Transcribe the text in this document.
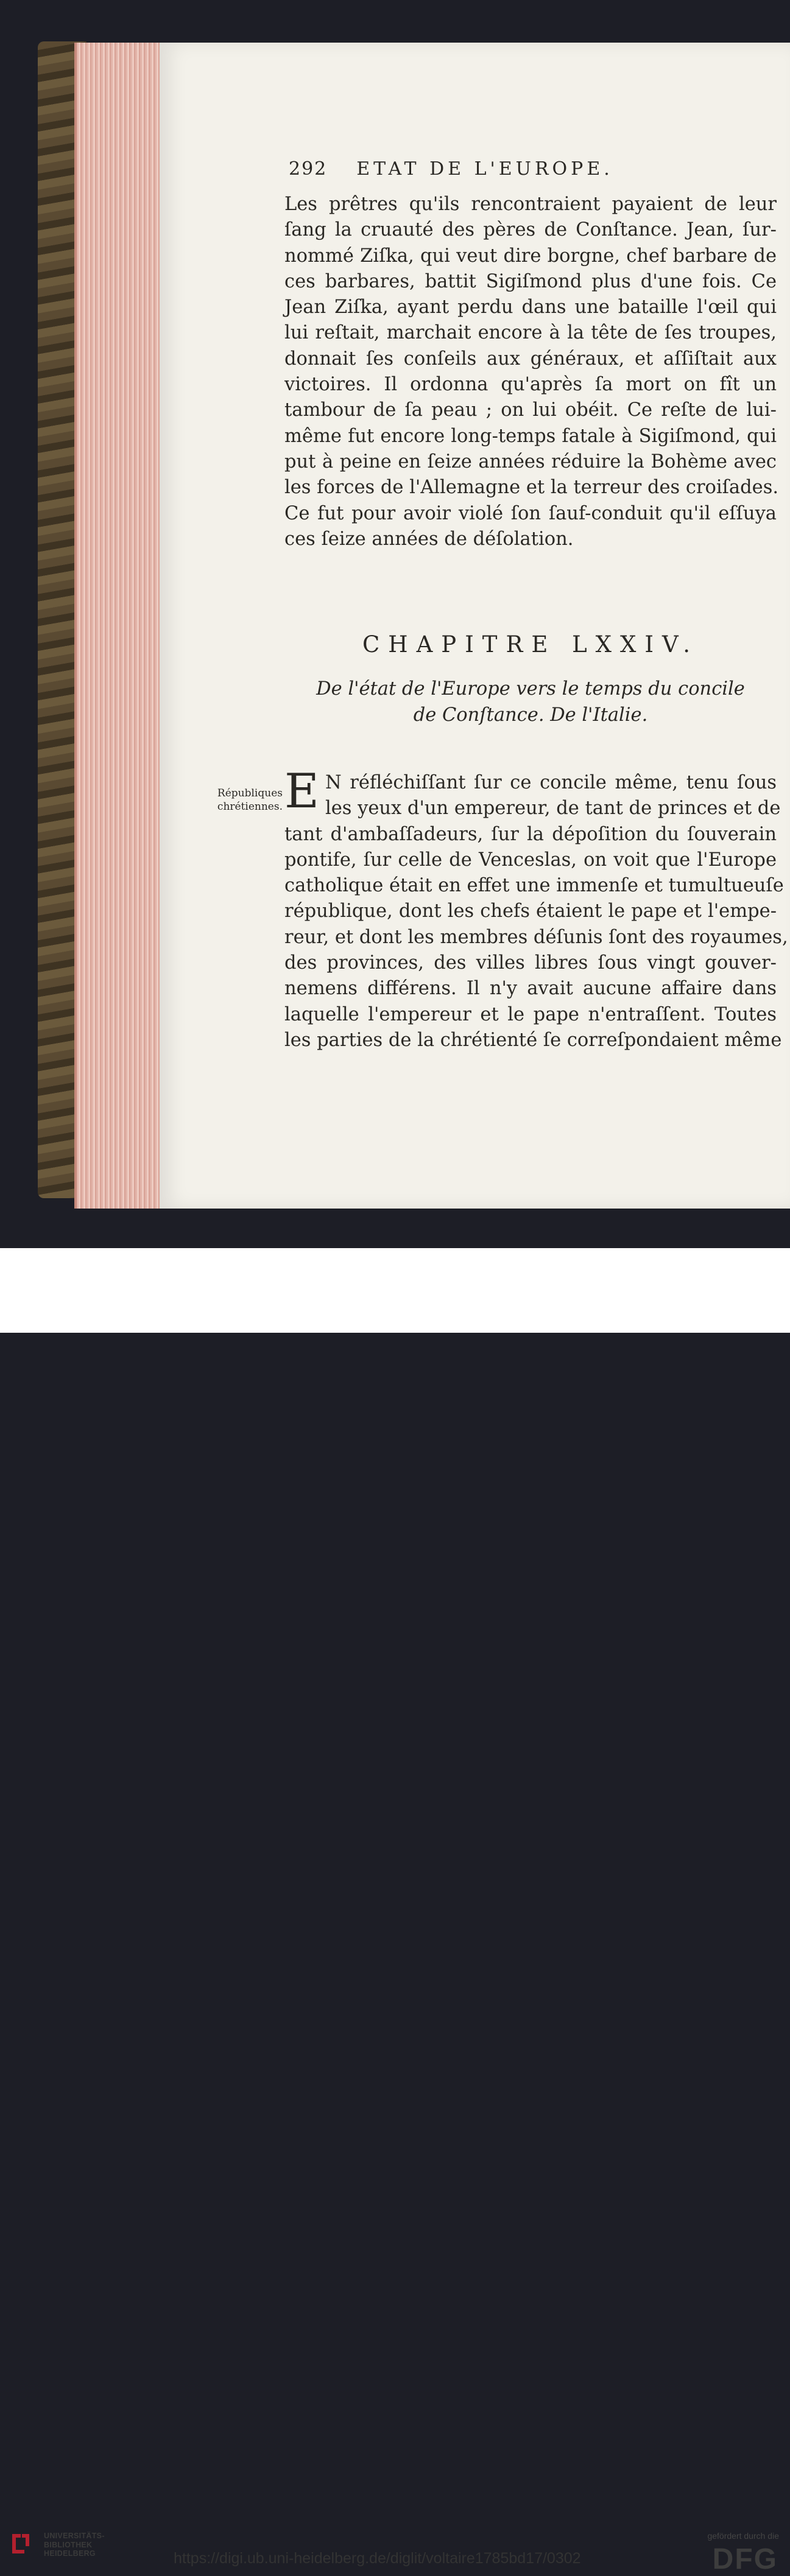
292 ETAT DE L'EUROPE.
Les prêtres qu'ils rencontraient payaient de leur
ſang la cruauté des pères de Conſtance. Jean, ſur-
nommé Ziſka, qui veut dire borgne, chef barbare de
ces barbares, battit Sigiſmond plus d'une fois. Ce
Jean Ziſka, ayant perdu dans une bataille l'œil qui
lui reſtait, marchait encore à la tête de ſes troupes,
donnait ſes conſeils aux généraux, et aſſiſtait aux
victoires. Il ordonna qu'après ſa mort on fît un
tambour de ſa peau ; on lui obéit. Ce reſte de lui-
même fut encore long-temps fatale à Sigiſmond, qui
put à peine en ſeize années réduire la Bohème avec
les forces de l'Allemagne et la terreur des croiſades.
Ce fut pour avoir violé ſon ſauf-conduit qu'il eſſuya
ces ſeize années de déſolation.
CHAPITRE LXXIV.
De l'état de l'Europe vers le temps du concile
de Conſtance. De l'Italie.
Républiques
chrétiennes. E N réfléchiſſant ſur ce concile même, tenu ſous
les yeux d'un empereur, de tant de princes et de
tant d'ambaſſadeurs, ſur la dépoſition du ſouverain
pontife, ſur celle de Venceslas, on voit que l'Europe
catholique était en effet une immenſe et tumultueuſe
république, dont les chefs étaient le pape et l'empe-
reur, et dont les membres déſunis ſont des royaumes,
des provinces, des villes libres ſous vingt gouver-
nemens différens. Il n'y avait aucune affaire dans
laquelle l'empereur et le pape n'entraſſent. Toutes
les parties de la chrétienté ſe correſpondaient même
UNIVERSITÄTS-
BIBLIOTHEK
HEIDELBERG	https://digi.ub.uni-heidelberg.de/diglit/voltaire1785bd17/0302
gefördert durch die
DFG
